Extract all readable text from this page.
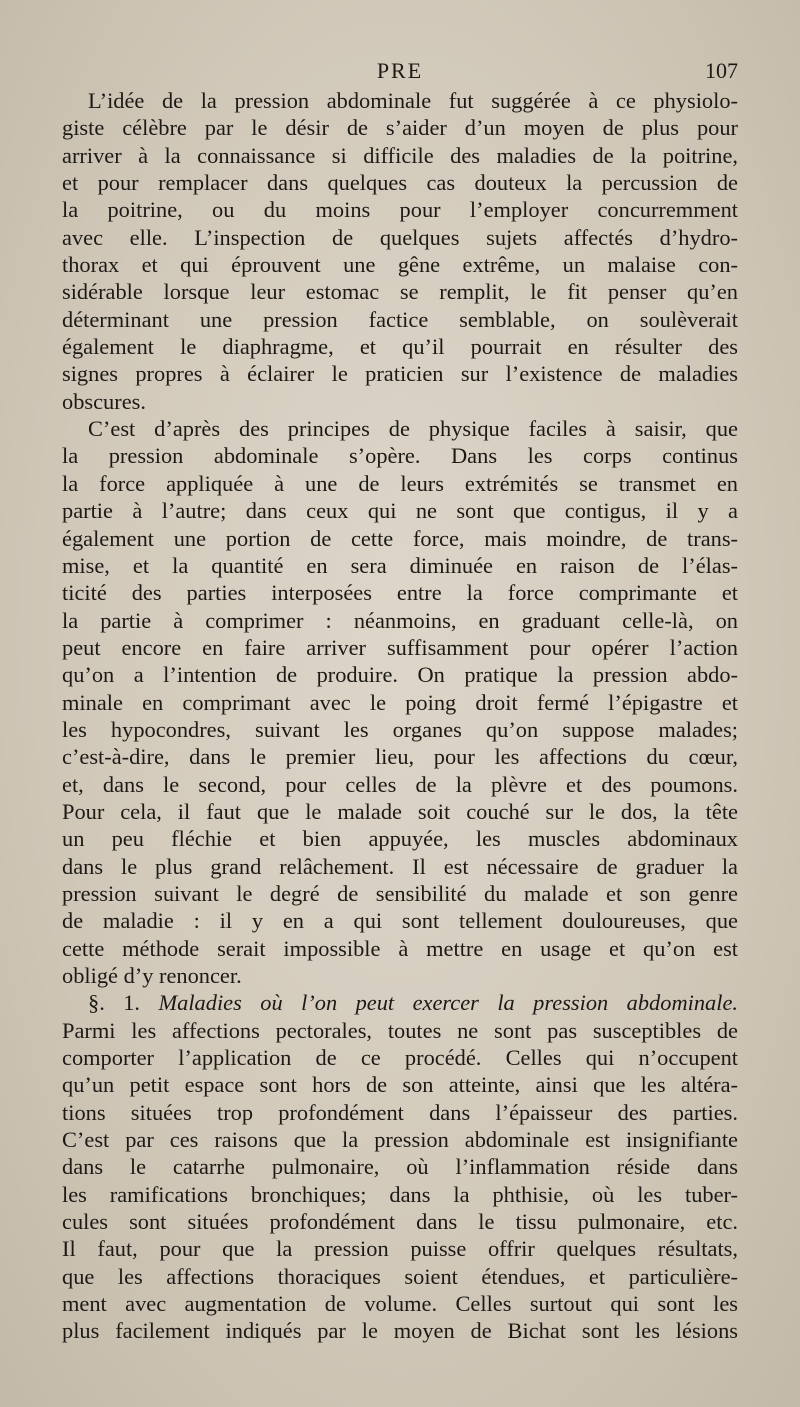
PRE	107

L’idée de la pression abdominale fut suggérée à ce physiolo-

giste célèbre par le désir de s’aider d’un moyen de plus pour

arriver à la connaissance si difficile des maladies de la poitrine,

et pour remplacer dans quelques cas douteux la percussion de

la poitrine, ou du moins pour l’employer concurremment

avec elle. L’inspection de quelques sujets affectés d’hydro-

thorax et qui éprouvent une gêne extrême, un malaise con-

sidérable lorsque leur estomac se remplit, le fit penser qu’en

déterminant une pression factice semblable, on soulèverait

également le diaphragme, et qu’il pourrait en résulter des

signes propres à éclairer le praticien sur l’existence de maladies

obscures.

C’est d’après des principes de physique faciles à saisir, que

la pression abdominale s’opère. Dans les corps continus

la force appliquée à une de leurs extrémités se transmet en

partie à l’autre; dans ceux qui ne sont que contigus, il y a

également une portion de cette force, mais moindre, de trans-

mise, et la quantité en sera diminuée en raison de l’élas-

ticité des parties interposées entre la force comprimante et

la partie à comprimer : néanmoins, en graduant celle-là, on

peut encore en faire arriver suffisamment pour opérer l’action

qu’on a l’intention de produire. On pratique la pression abdo-

minale en comprimant avec le poing droit fermé l’épigastre et

les hypocondres, suivant les organes qu’on suppose malades;

c’est-à-dire, dans le premier lieu, pour les affections du cœur,

et, dans le second, pour celles de la plèvre et des poumons.

Pour cela, il faut que le malade soit couché sur le dos, la tête

un peu fléchie et bien appuyée, les muscles abdominaux

dans le plus grand relâchement. Il est nécessaire de graduer la

pression suivant le degré de sensibilité du malade et son genre

de maladie : il y en a qui sont tellement douloureuses, que

cette méthode serait impossible à mettre en usage et qu’on est

obligé d’y renoncer.

§. 1. Maladies où l’on peut exercer la pression abdominale.

Parmi les affections pectorales, toutes ne sont pas susceptibles de

comporter l’application de ce procédé. Celles qui n’occupent

qu’un petit espace sont hors de son atteinte, ainsi que les altéra-

tions situées trop profondément dans l’épaisseur des parties.

C’est par ces raisons que la pression abdominale est insignifiante

dans le catarrhe pulmonaire, où l’inflammation réside dans

les ramifications bronchiques; dans la phthisie, où les tuber-

cules sont situées profondément dans le tissu pulmonaire, etc.

Il faut, pour que la pression puisse offrir quelques résultats,

que les affections thoraciques soient étendues, et particulière-

ment avec augmentation de volume. Celles surtout qui sont les

plus facilement indiqués par le moyen de Bichat sont les lésions
